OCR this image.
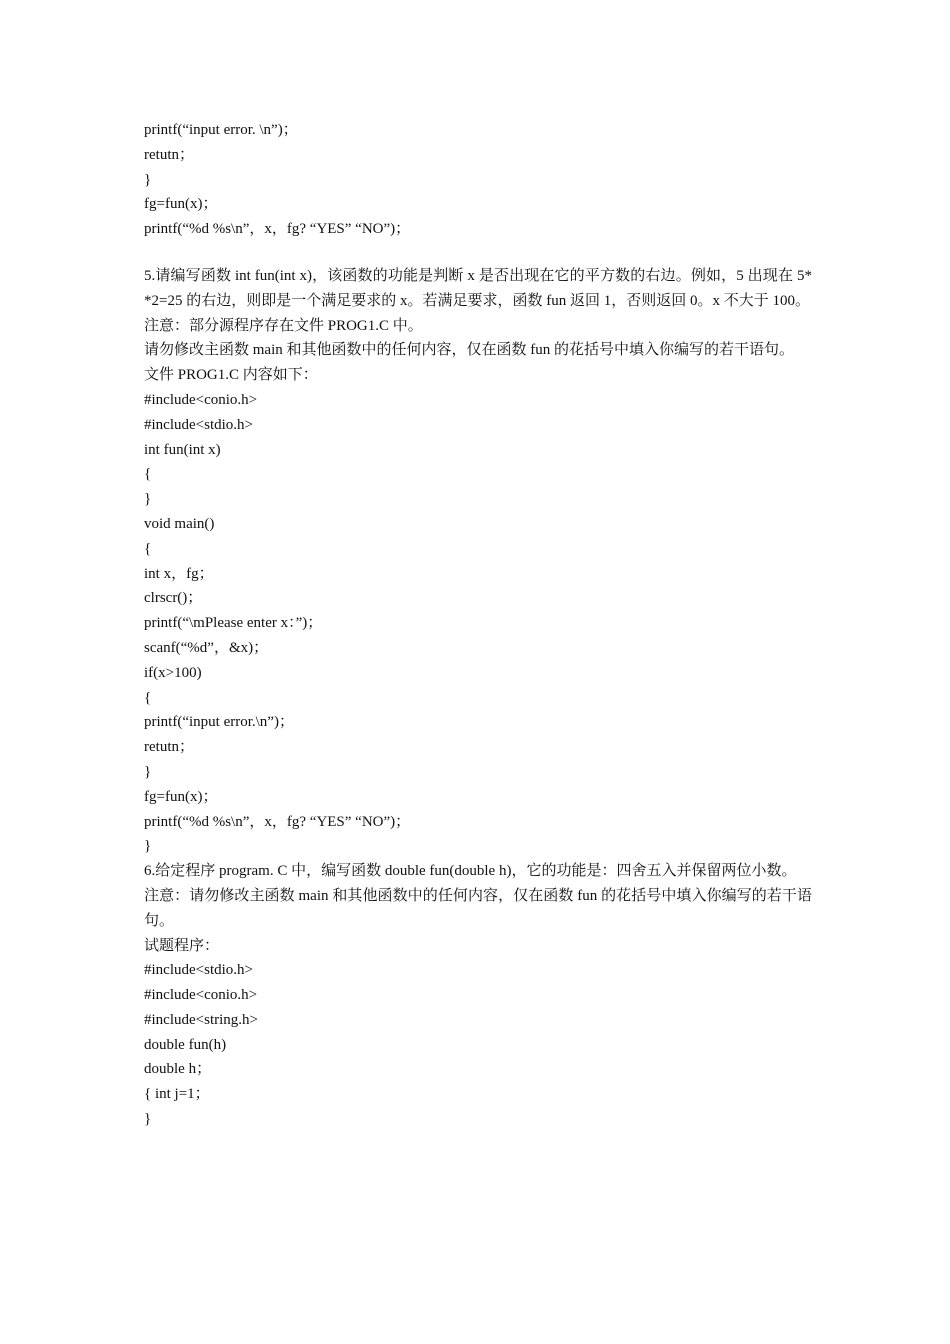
printf(“input error. \n”)；

retutn；

}

fg=fun(x)；

printf(“%d %s\n”，x，fg? “YES” “NO”)；

5.请编写函数 int fun(int x)，该函数的功能是判断 x 是否出现在它的平方数的右边。例如，5 出现在 5* *2=25 的右边，则即是一个满足要求的 x。若满足要求，函数 fun 返回 1，否则返回 0。x 不大于 100。

注意：部分源程序存在文件 PROG1.C 中。

请勿修改主函数 main 和其他函数中的任何内容，仅在函数 fun 的花括号中填入你编写的若干语句。

文件 PROG1.C 内容如下：

#include<conio.h>

#include<stdio.h>

int fun(int x)

{

}

void main()

{

int x，fg；

clrscr()；

printf(“\mPlease enter x：”)；

scanf(“%d”，&x)；

if(x>100)

{

printf(“input error.\n”)；

retutn；

}

fg=fun(x)；

printf(“%d %s\n”，x，fg? “YES” “NO”)；

}

6.给定程序 program. C 中，编写函数 double fun(double h)，它的功能是：四舍五入并保留两位小数。

注意：请勿修改主函数 main 和其他函数中的任何内容，仅在函数 fun 的花括号中填入你编写的若干语句。

试题程序：

#include<stdio.h>

#include<conio.h>

#include<string.h>

double fun(h)

double h；

{ int j=1；

}
